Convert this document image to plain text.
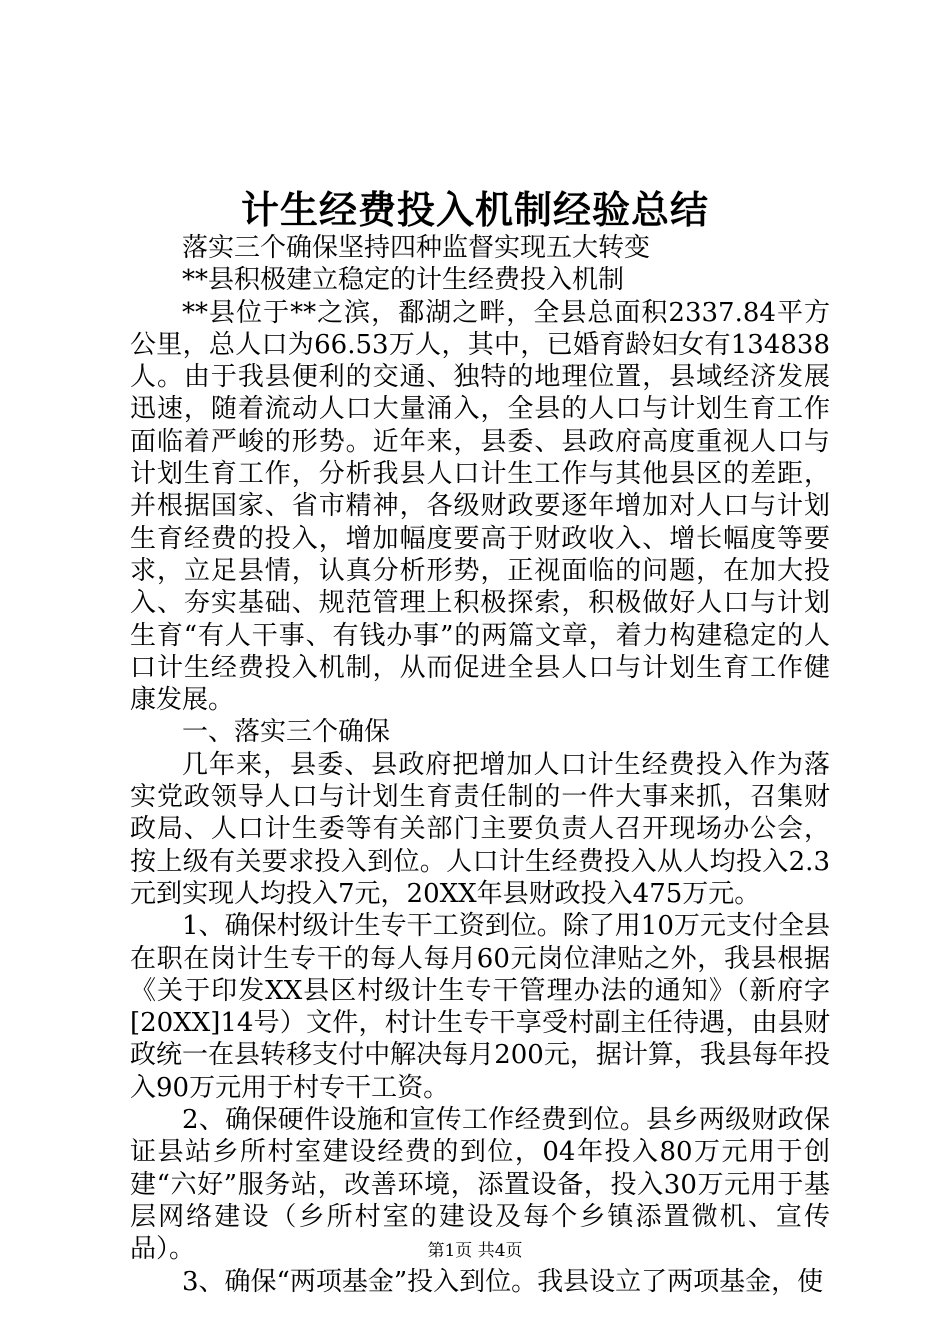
计生经费投入机制经验总结

落实三个确保坚持四种监督实现五大转变

**县积极建立稳定的计生经费投入机制

**县位于**之滨，鄱湖之畔，全县总面积2337.84平方公里，总人口为66.53万人，其中，已婚育龄妇女有134838人。由于我县便利的交通、独特的地理位置，县域经济发展迅速，随着流动人口大量涌入，全县的人口与计划生育工作面临着严峻的形势。近年来，县委、县政府高度重视人口与计划生育工作，分析我县人口计生工作与其他县区的差距，并根据国家、省市精神，各级财政要逐年增加对人口与计划生育经费的投入，增加幅度要高于财政收入、增长幅度等要求，立足县情，认真分析形势，正视面临的问题，在加大投入、夯实基础、规范管理上积极探索，积极做好人口与计划生育“有人干事、有钱办事”的两篇文章，着力构建稳定的人口计生经费投入机制，从而促进全县人口与计划生育工作健康发展。

一、落实三个确保

几年来，县委、县政府把增加人口计生经费投入作为落实党政领导人口与计划生育责任制的一件大事来抓，召集财政局、人口计生委等有关部门主要负责人召开现场办公会，按上级有关要求投入到位。人口计生经费投入从人均投入2.3元到实现人均投入7元，20XX年县财政投入475万元。

1、确保村级计生专干工资到位。除了用10万元支付全县在职在岗计生专干的每人每月60元岗位津贴之外，我县根据《关于印发XX县区村级计生专干管理办法的通知》（新府字[20XX]14号）文件，村计生专干享受村副主任待遇，由县财政统一在县转移支付中解决每月200元，据计算，我县每年投入90万元用于村专干工资。

2、确保硬件设施和宣传工作经费到位。县乡两级财政保证县站乡所村室建设经费的到位，04年投入80万元用于创建“六好”服务站，改善环境，添置设备，投入30万元用于基层网络建设（乡所村室的建设及每个乡镇添置微机、宣传品）。

3、确保“两项基金”投入到位。我县设立了两项基金，使

第1页 共4页
